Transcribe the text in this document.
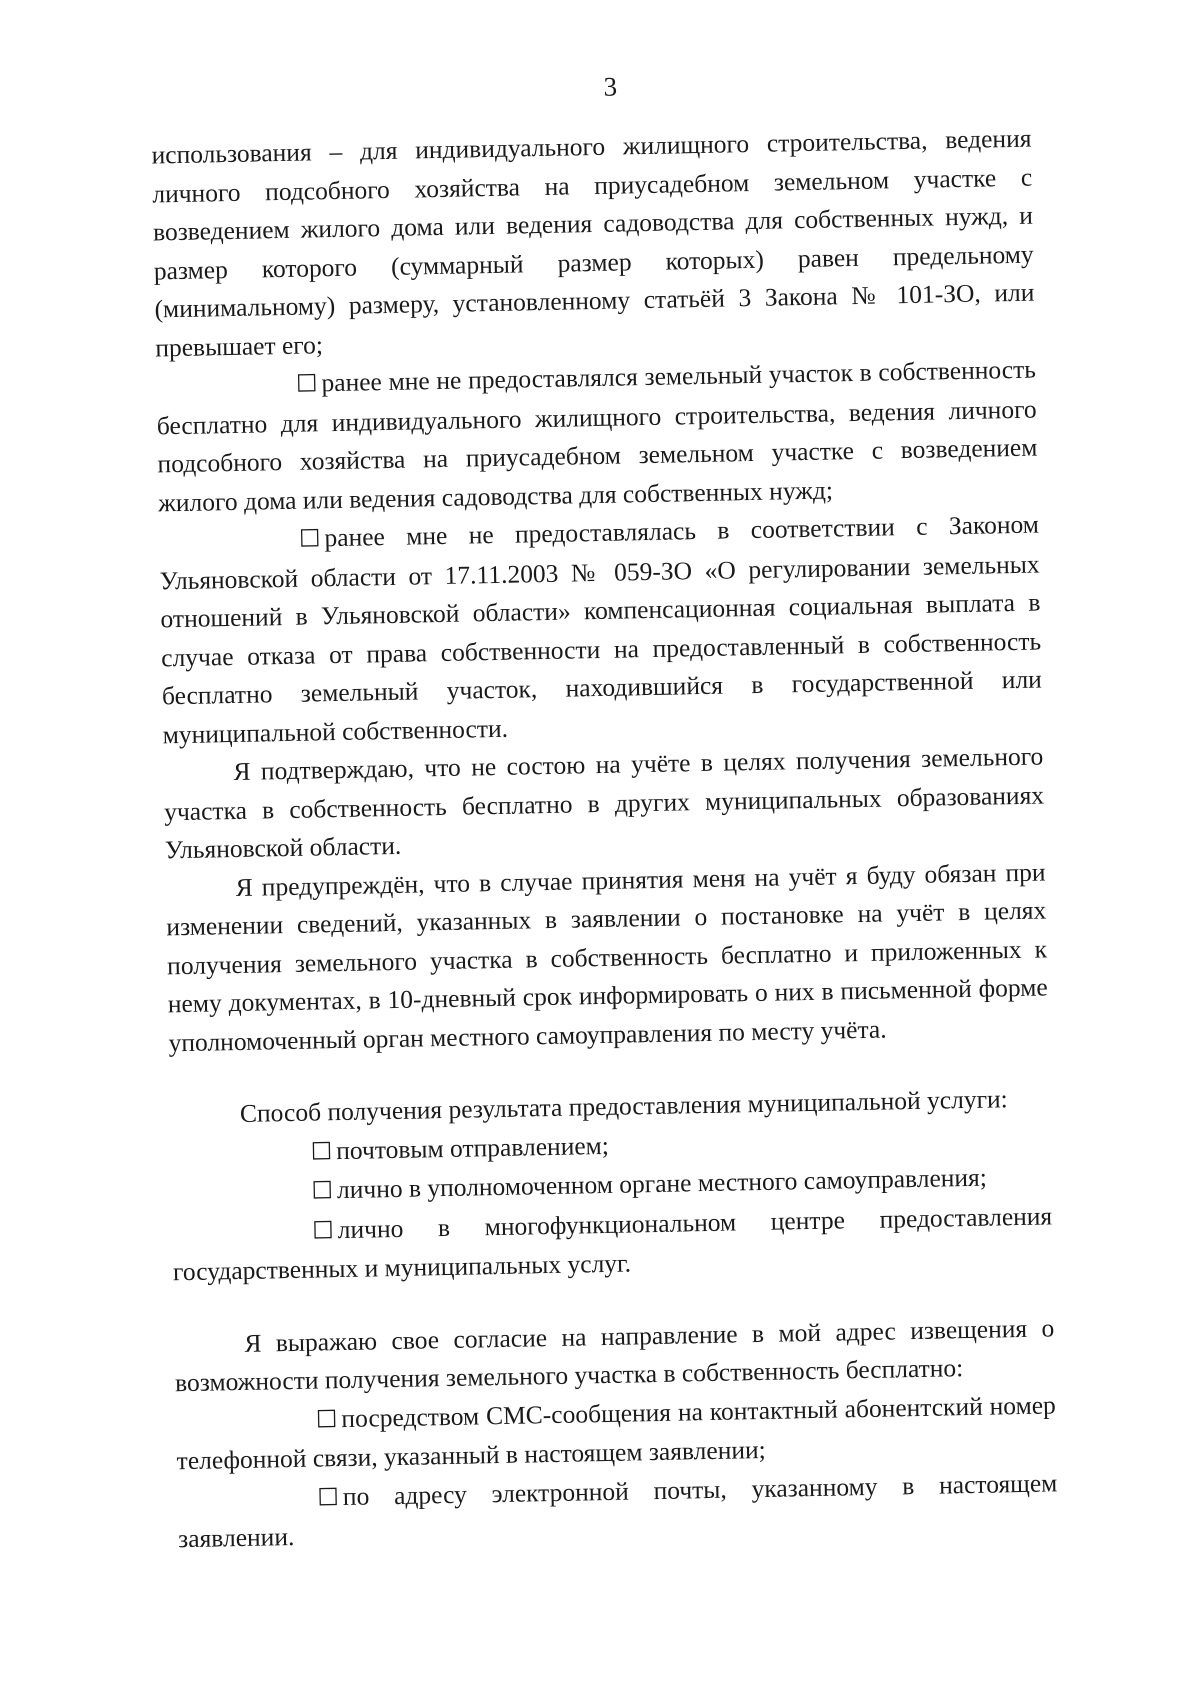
3

использования – для индивидуального жилищного строительства, ведения личного подсобного хозяйства на приусадебном земельном участке с возведением жилого дома или ведения садоводства для собственных нужд, и размер которого (суммарный размер которых) равен предельному (минимальному) размеру, установленному статьёй 3 Закона № 101-ЗО, или превышает его;

☐ ранее мне не предоставлялся земельный участок в собственность бесплатно для индивидуального жилищного строительства, ведения личного подсобного хозяйства на приусадебном земельном участке с возведением жилого дома или ведения садоводства для собственных нужд;

☐ ранее мне не предоставлялась в соответствии с Законом Ульяновской области от 17.11.2003 № 059-ЗО «О регулировании земельных отношений в Ульяновской области» компенсационная социальная выплата в случае отказа от права собственности на предоставленный в собственность бесплатно земельный участок, находившийся в государственной или муниципальной собственности.

Я подтверждаю, что не состою на учёте в целях получения земельного участка в собственность бесплатно в других муниципальных образованиях Ульяновской области.

Я предупреждён, что в случае принятия меня на учёт я буду обязан при изменении сведений, указанных в заявлении о постановке на учёт в целях получения земельного участка в собственность бесплатно и приложенных к нему документах, в 10-дневный срок информировать о них в письменной форме уполномоченный орган местного самоуправления по месту учёта.

Способ получения результата предоставления муниципальной услуги:

☐ почтовым отправлением;

☐ лично в уполномоченном органе местного самоуправления;

☐ лично в многофункциональном центре предоставления государственных и муниципальных услуг.

Я выражаю свое согласие на направление в мой адрес извещения о возможности получения земельного участка в собственность бесплатно:

☐ посредством СМС-сообщения на контактный абонентский номер телефонной связи, указанный в настоящем заявлении;

☐ по адресу электронной почты, указанному в настоящем заявлении.
